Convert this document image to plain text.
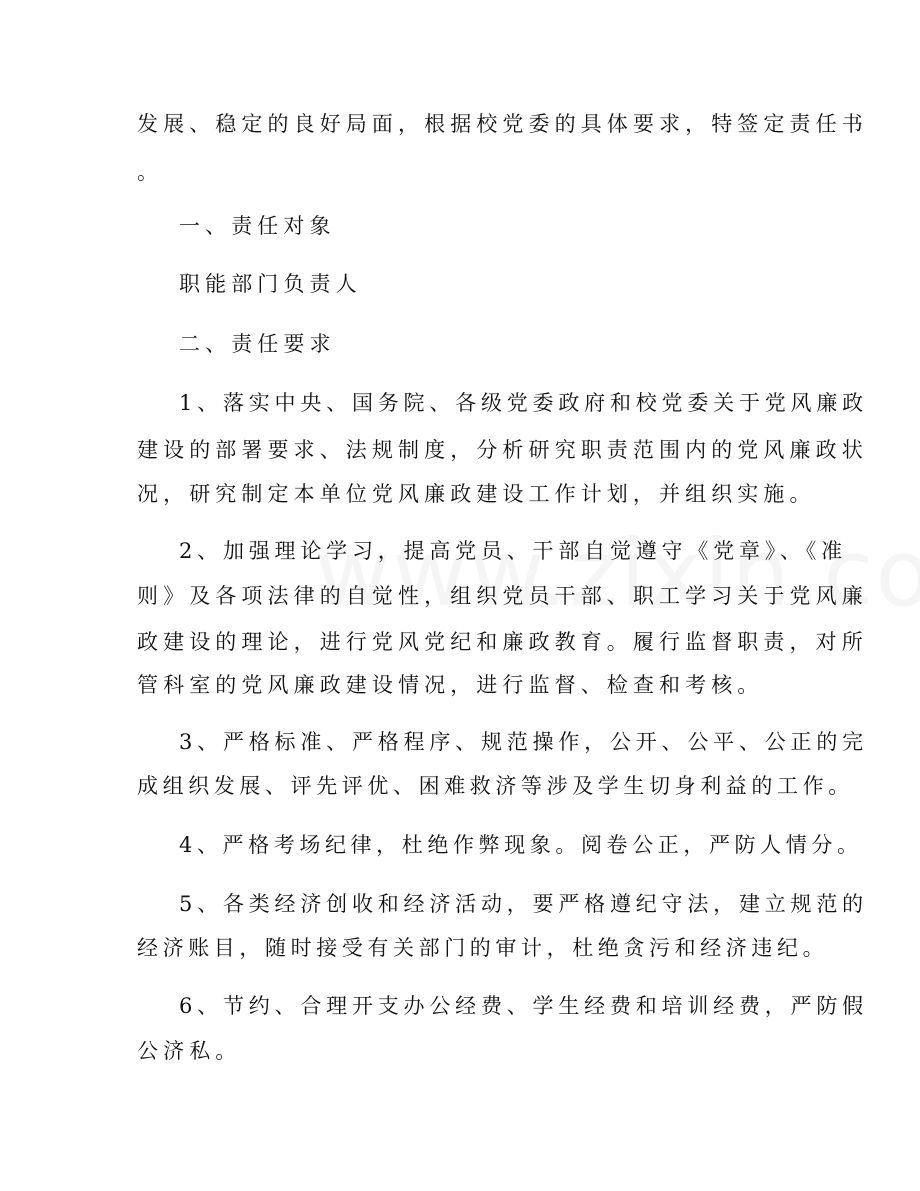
发展、稳定的良好局面，根据校党委的具体要求，特签定责任书
。
一、责任对象
职能部门负责人
二、责任要求
1、落实中央、国务院、各级党委政府和校党委关于党风廉政
建设的部署要求、法规制度，分析研究职责范围内的党风廉政状
况，研究制定本单位党风廉政建设工作计划，并组织实施。
2、加强理论学习，提高党员、干部自觉遵守《党章》、《准
则》及各项法律的自觉性，组织党员干部、职工学习关于党风廉
政建设的理论，进行党风党纪和廉政教育。履行监督职责，对所
管科室的党风廉政建设情况，进行监督、检查和考核。
3、严格标准、严格程序、规范操作，公开、公平、公正的完
成组织发展、评先评优、困难救济等涉及学生切身利益的工作。
4、严格考场纪律，杜绝作弊现象。阅卷公正，严防人情分。
5、各类经济创收和经济活动，要严格遵纪守法，建立规范的
经济账目，随时接受有关部门的审计，杜绝贪污和经济违纪。
6、节约、合理开支办公经费、学生经费和培训经费，严防假
公济私。
